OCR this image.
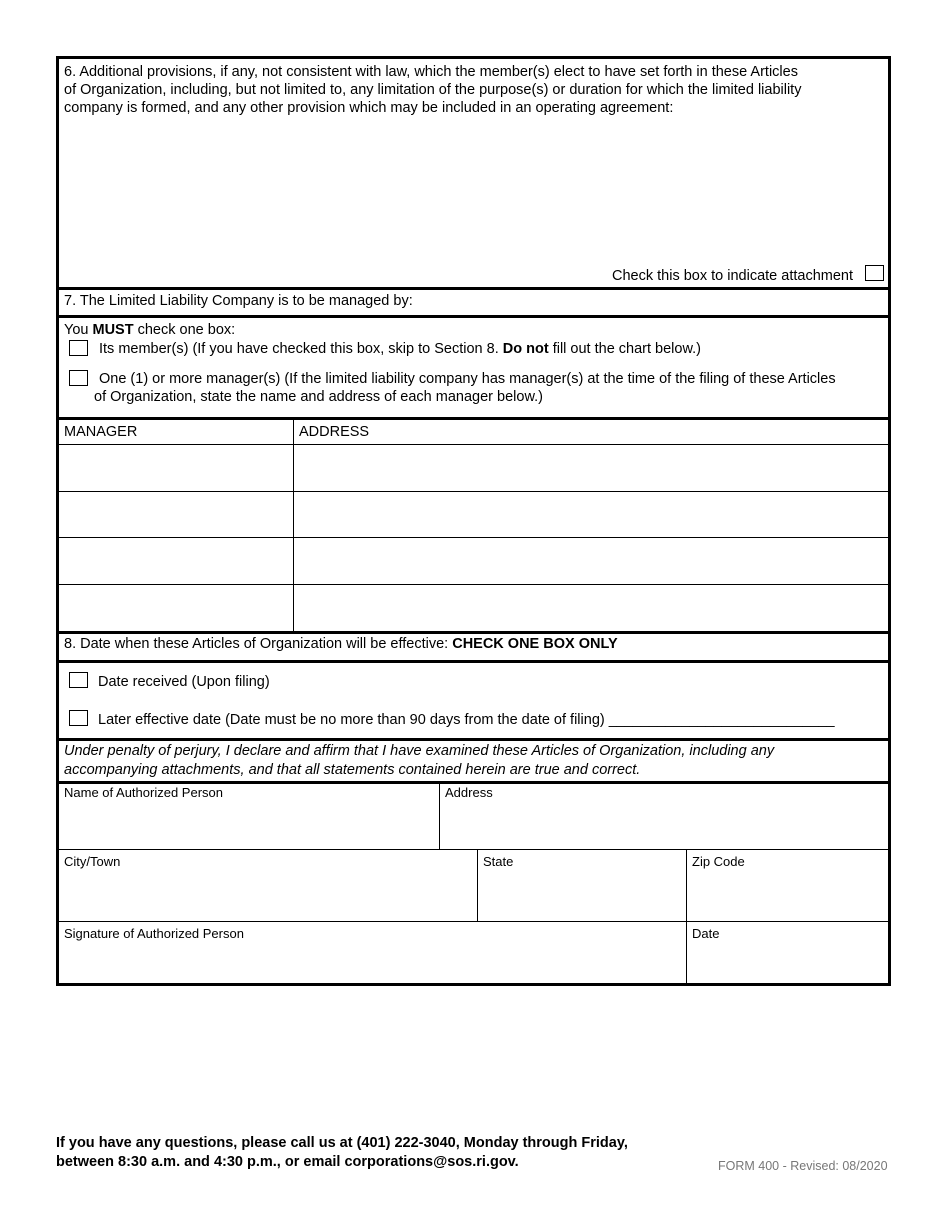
6. Additional provisions, if any, not consistent with law, which the member(s) elect to have set forth in these Articles
of Organization, including, but not limited to, any limitation of the purpose(s) or duration for which the limited liability
company is formed, and any other provision which may be included in an operating agreement:
Check this box to indicate attachment
7. The Limited Liability Company is to be managed by:
You MUST check one box:
Its member(s) (If you have checked this box, skip to Section 8. Do not fill out the chart below.)
One (1) or more manager(s) (If the limited liability company has manager(s) at the time of the filing of these Articles
of Organization, state the name and address of each manager below.)
MANAGER	ADDRESS
8. Date when these Articles of Organization will be effective: CHECK ONE BOX ONLY
Date received (Upon filing)
Later effective date (Date must be no more than 90 days from the date of filing) ____________________________
Under penalty of perjury, I declare and affirm that I have examined these Articles of Organization, including any
accompanying attachments, and that all statements contained herein are true and correct.
Name of Authorized Person	Address
City/Town	State	Zip Code
Signature of Authorized Person	Date
If you have any questions, please call us at (401) 222-3040, Monday through Friday,
between 8:30 a.m. and 4:30 p.m., or email corporations@sos.ri.gov.	FORM 400 - Revised: 08/2020
